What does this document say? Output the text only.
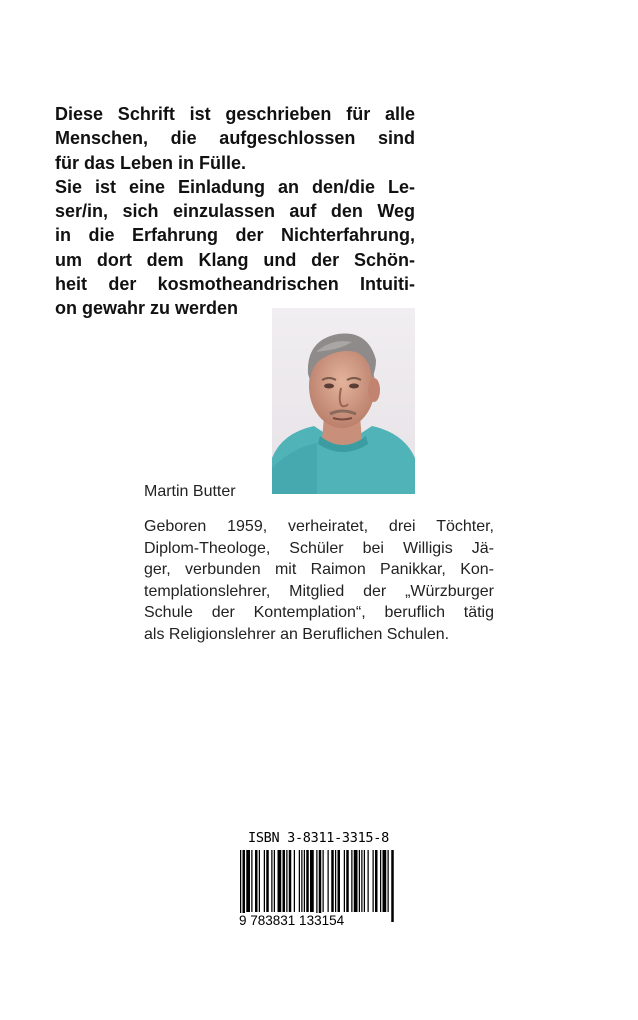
Diese Schrift ist geschrieben für alle
Menschen, die aufgeschlossen sind
für das Leben in Fülle.
Sie ist eine Einladung an den/die Le-
ser/in, sich einzulassen auf den Weg
in die Erfahrung der Nichterfahrung,
um dort dem Klang und der Schön-
heit der kosmotheandrischen Intuiti-
on gewahr zu werden
Martin Butter
Geboren 1959, verheiratet, drei Töchter,
Diplom-Theologe, Schüler bei Willigis Jä-
ger, verbunden mit Raimon Panikkar, Kon-
templationslehrer, Mitglied der „Würzburger
Schule der Kontemplation“, beruflich tätig
als Religionslehrer an Beruflichen Schulen.
ISBN 3-8311-3315-8
9 783831 133154
